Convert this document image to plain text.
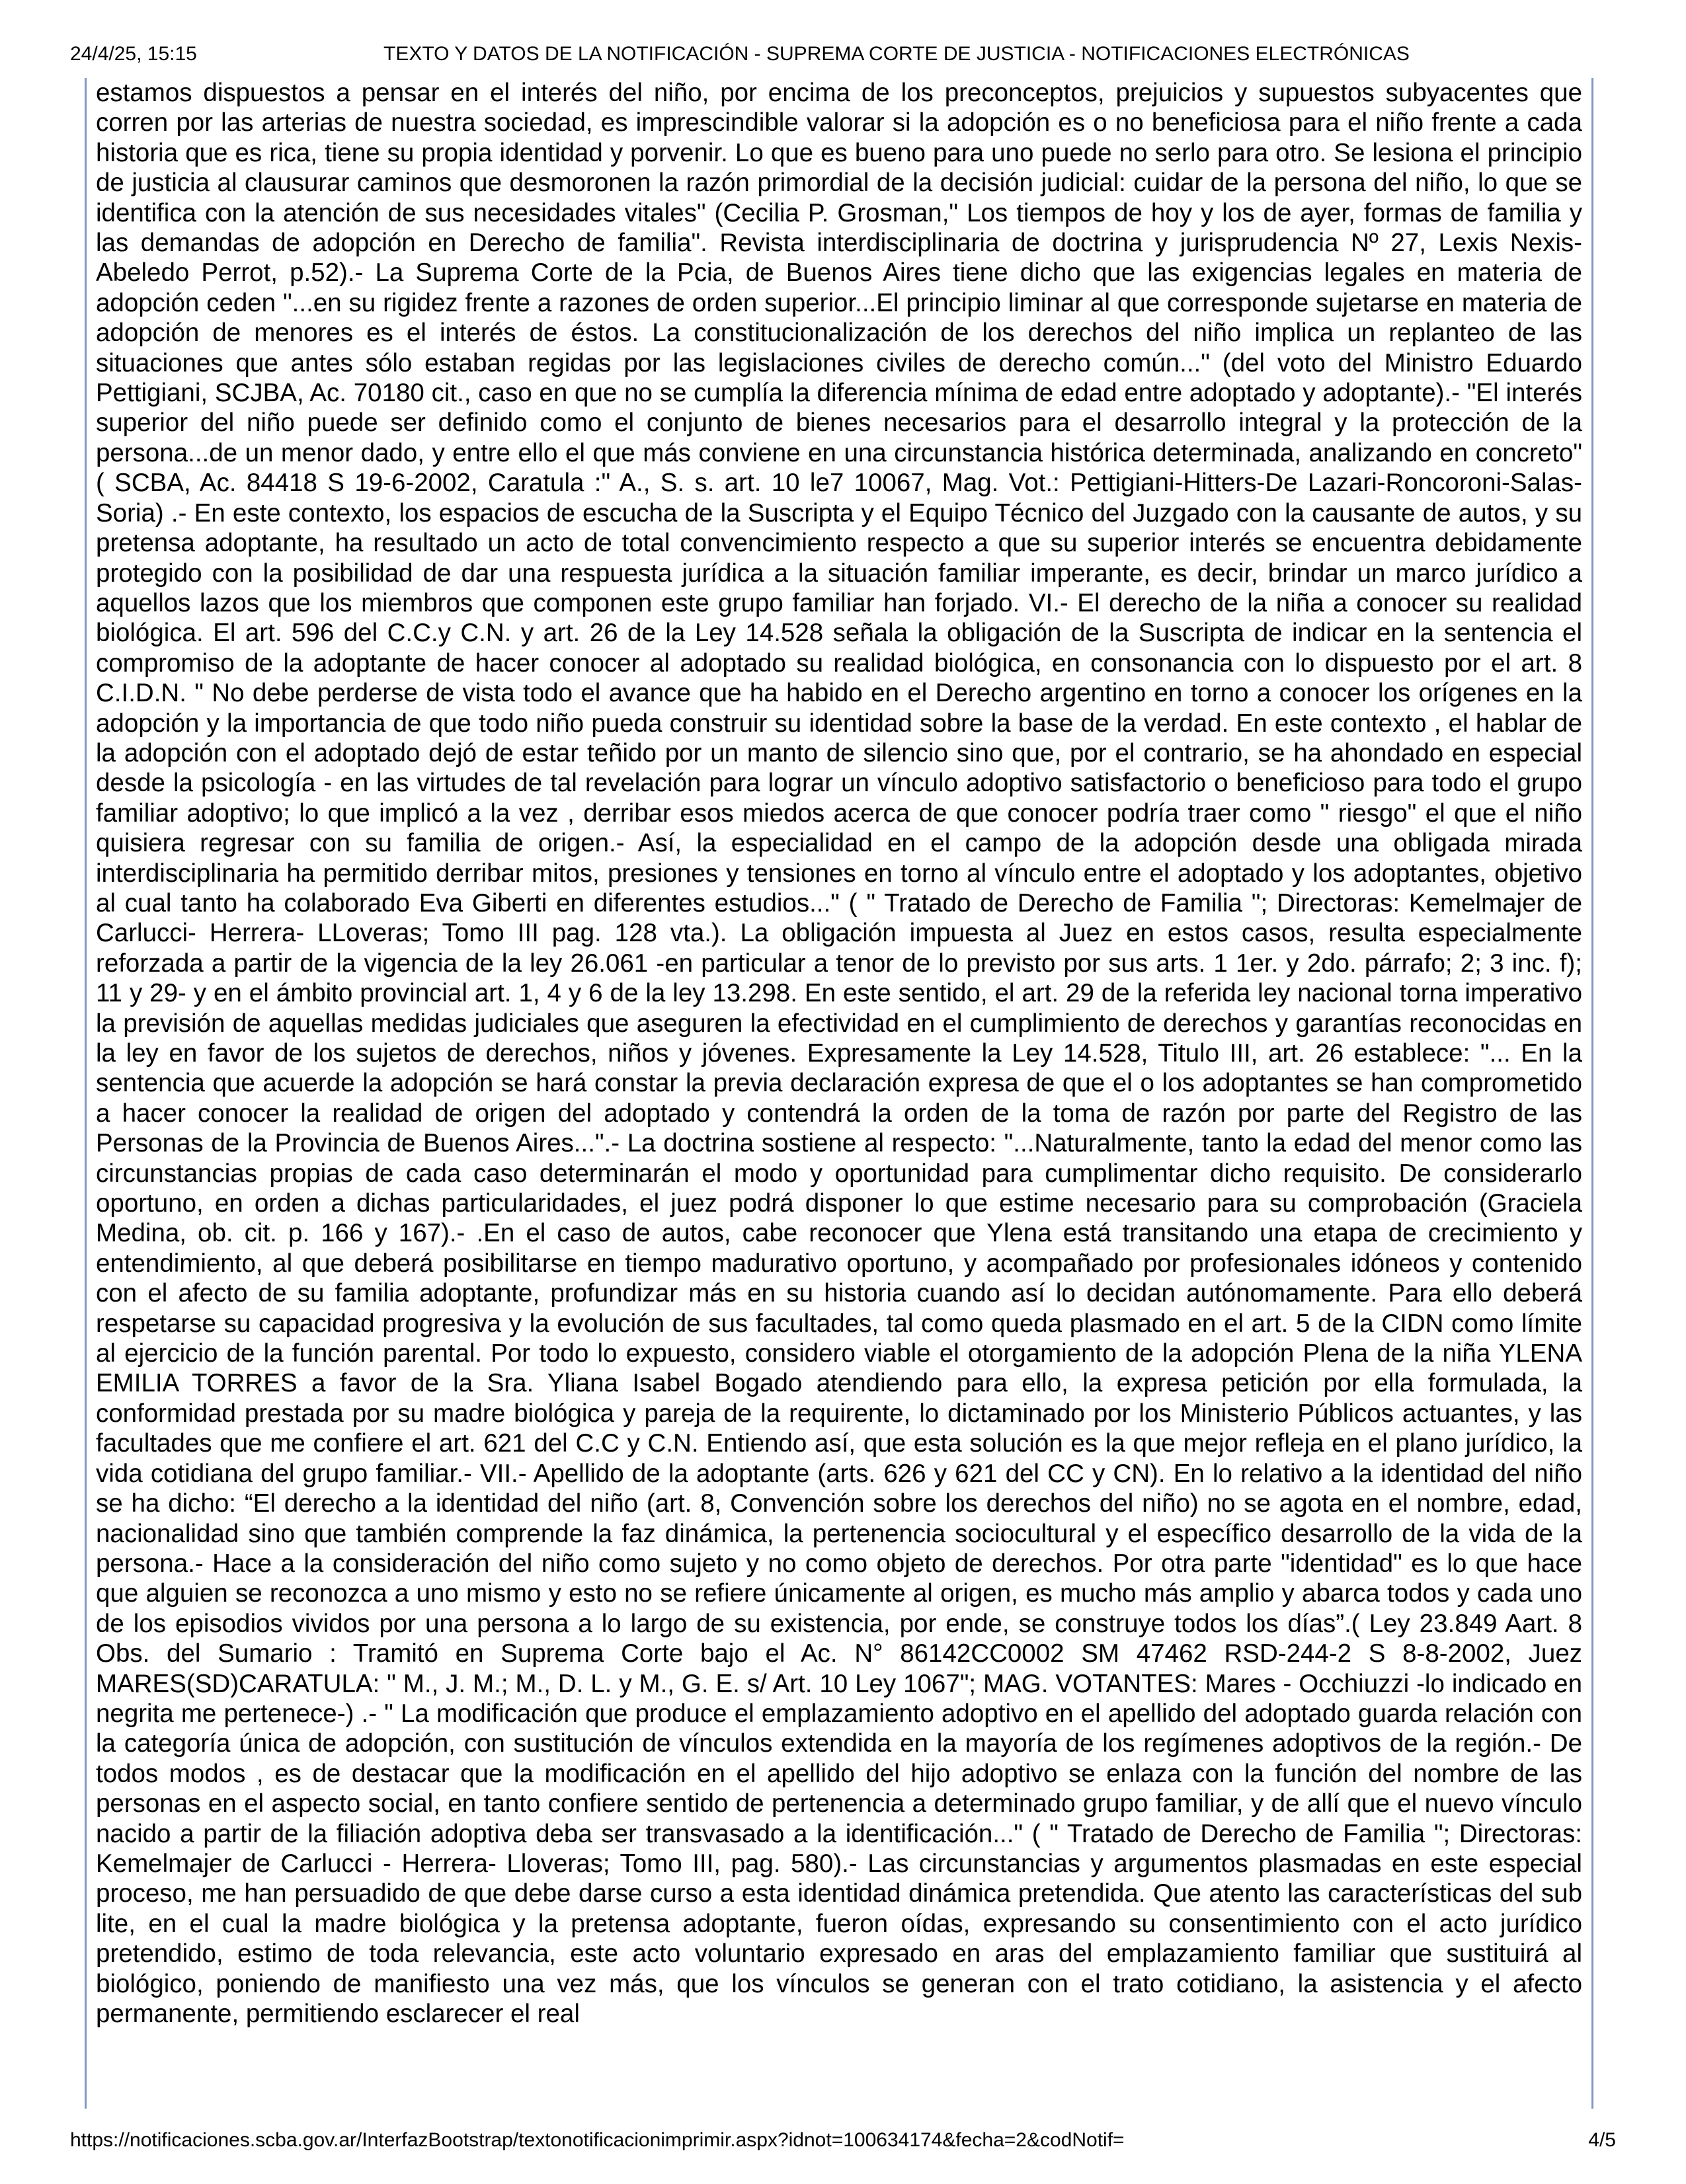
24/4/25, 15:15	TEXTO Y DATOS DE LA NOTIFICACIÓN - SUPREMA CORTE DE JUSTICIA - NOTIFICACIONES ELECTRÓNICAS

estamos dispuestos a pensar en el interés del niño, por encima de los preconceptos, prejuicios y supuestos subyacentes que corren por las arterias de nuestra sociedad, es imprescindible valorar si la adopción es o no beneficiosa para el niño frente a cada historia que es rica, tiene su propia identidad y porvenir. Lo que es bueno para uno puede no serlo para otro. Se lesiona el principio de justicia al clausurar caminos que desmoronen la razón primordial de la decisión judicial: cuidar de la persona del niño, lo que se identifica con la atención de sus necesidades vitales" (Cecilia P. Grosman," Los tiempos de hoy y los de ayer, formas de familia y las demandas de adopción en Derecho de familia". Revista interdisciplinaria de doctrina y jurisprudencia Nº 27, Lexis Nexis-Abeledo Perrot, p.52).- La Suprema Corte de la Pcia, de Buenos Aires tiene dicho que las exigencias legales en materia de adopción ceden "...en su rigidez frente a razones de orden superior...El principio liminar al que corresponde sujetarse en materia de adopción de menores es el interés de éstos. La constitucionalización de los derechos del niño implica un replanteo de las situaciones que antes sólo estaban regidas por las legislaciones civiles de derecho común..." (del voto del Ministro Eduardo Pettigiani, SCJBA, Ac. 70180 cit., caso en que no se cumplía la diferencia mínima de edad entre adoptado y adoptante).- "El interés superior del niño puede ser definido como el conjunto de bienes necesarios para el desarrollo integral y la protección de la persona...de un menor dado, y entre ello el que más conviene en una circunstancia histórica determinada, analizando en concreto" ( SCBA, Ac. 84418 S 19-6-2002, Caratula :" A., S. s. art. 10 le7 10067, Mag. Vot.: Pettigiani-Hitters-De Lazari-Roncoroni-Salas-Soria) .- En este contexto, los espacios de escucha de la Suscripta y el Equipo Técnico del Juzgado con la causante de autos, y su pretensa adoptante, ha resultado un acto de total convencimiento respecto a que su superior interés se encuentra debidamente protegido con la posibilidad de dar una respuesta jurídica a la situación familiar imperante, es decir, brindar un marco jurídico a aquellos lazos que los miembros que componen este grupo familiar han forjado. VI.- El derecho de la niña a conocer su realidad biológica. El art. 596 del C.C.y C.N. y art. 26 de la Ley 14.528 señala la obligación de la Suscripta de indicar en la sentencia el compromiso de la adoptante de hacer conocer al adoptado su realidad biológica, en consonancia con lo dispuesto por el art. 8 C.I.D.N. " No debe perderse de vista todo el avance que ha habido en el Derecho argentino en torno a conocer los orígenes en la adopción y la importancia de que todo niño pueda construir su identidad sobre la base de la verdad. En este contexto , el hablar de la adopción con el adoptado dejó de estar teñido por un manto de silencio sino que, por el contrario, se ha ahondado en especial desde la psicología - en las virtudes de tal revelación para lograr un vínculo adoptivo satisfactorio o beneficioso para todo el grupo familiar adoptivo; lo que implicó a la vez , derribar esos miedos acerca de que conocer podría traer como " riesgo" el que el niño quisiera regresar con su familia de origen.- Así, la especialidad en el campo de la adopción desde una obligada mirada interdisciplinaria ha permitido derribar mitos, presiones y tensiones en torno al vínculo entre el adoptado y los adoptantes, objetivo al cual tanto ha colaborado Eva Giberti en diferentes estudios..." ( " Tratado de Derecho de Familia "; Directoras: Kemelmajer de Carlucci- Herrera- LLoveras; Tomo III pag. 128 vta.). La obligación impuesta al Juez en estos casos, resulta especialmente reforzada a partir de la vigencia de la ley 26.061 -en particular a tenor de lo previsto por sus arts. 1 1er. y 2do. párrafo; 2; 3 inc. f); 11 y 29- y en el ámbito provincial art. 1, 4 y 6 de la ley 13.298. En este sentido, el art. 29 de la referida ley nacional torna imperativo la previsión de aquellas medidas judiciales que aseguren la efectividad en el cumplimiento de derechos y garantías reconocidas en la ley en favor de los sujetos de derechos, niños y jóvenes. Expresamente la Ley 14.528, Titulo III, art. 26 establece: "... En la sentencia que acuerde la adopción se hará constar la previa declaración expresa de que el o los adoptantes se han comprometido a hacer conocer la realidad de origen del adoptado y contendrá la orden de la toma de razón por parte del Registro de las Personas de la Provincia de Buenos Aires...".- La doctrina sostiene al respecto: "...Naturalmente, tanto la edad del menor como las circunstancias propias de cada caso determinarán el modo y oportunidad para cumplimentar dicho requisito. De considerarlo oportuno, en orden a dichas particularidades, el juez podrá disponer lo que estime necesario para su comprobación (Graciela Medina, ob. cit. p. 166 y 167).- .En el caso de autos, cabe reconocer que Ylena está transitando una etapa de crecimiento y entendimiento, al que deberá posibilitarse en tiempo madurativo oportuno, y acompañado por profesionales idóneos y contenido con el afecto de su familia adoptante, profundizar más en su historia cuando así lo decidan autónomamente. Para ello deberá respetarse su capacidad progresiva y la evolución de sus facultades, tal como queda plasmado en el art. 5 de la CIDN como límite al ejercicio de la función parental. Por todo lo expuesto, considero viable el otorgamiento de la adopción Plena de la niña YLENA EMILIA TORRES a favor de la Sra. Yliana Isabel Bogado atendiendo para ello, la expresa petición por ella formulada, la conformidad prestada por su madre biológica y pareja de la requirente, lo dictaminado por los Ministerio Públicos actuantes, y las facultades que me confiere el art. 621 del C.C y C.N. Entiendo así, que esta solución es la que mejor refleja en el plano jurídico, la vida cotidiana del grupo familiar.- VII.- Apellido de la adoptante (arts. 626 y 621 del CC y CN). En lo relativo a la identidad del niño se ha dicho: “El derecho a la identidad del niño (art. 8, Convención sobre los derechos del niño) no se agota en el nombre, edad, nacionalidad sino que también comprende la faz dinámica, la pertenencia sociocultural y el específico desarrollo de la vida de la persona.- Hace a la consideración del niño como sujeto y no como objeto de derechos. Por otra parte "identidad" es lo que hace que alguien se reconozca a uno mismo y esto no se refiere únicamente al origen, es mucho más amplio y abarca todos y cada uno de los episodios vividos por una persona a lo largo de su existencia, por ende, se construye todos los días”.( Ley 23.849 Aart. 8 Obs. del Sumario : Tramitó en Suprema Corte bajo el Ac. N° 86142CC0002 SM 47462 RSD-244-2 S 8-8-2002, Juez MARES(SD)CARATULA: " M., J. M.; M., D. L. y M., G. E. s/ Art. 10 Ley 1067"; MAG. VOTANTES: Mares - Occhiuzzi -lo indicado en negrita me pertenece-) .- " La modificación que produce el emplazamiento adoptivo en el apellido del adoptado guarda relación con la categoría única de adopción, con sustitución de vínculos extendida en la mayoría de los regímenes adoptivos de la región.- De todos modos , es de destacar que la modificación en el apellido del hijo adoptivo se enlaza con la función del nombre de las personas en el aspecto social, en tanto confiere sentido de pertenencia a determinado grupo familiar, y de allí que el nuevo vínculo nacido a partir de la filiación adoptiva deba ser transvasado a la identificación..." ( " Tratado de Derecho de Familia "; Directoras: Kemelmajer de Carlucci - Herrera- Lloveras; Tomo III, pag. 580).- Las circunstancias y argumentos plasmadas en este especial proceso, me han persuadido de que debe darse curso a esta identidad dinámica pretendida. Que atento las características del sub lite, en el cual la madre biológica y la pretensa adoptante, fueron oídas, expresando su consentimiento con el acto jurídico pretendido, estimo de toda relevancia, este acto voluntario expresado en aras del emplazamiento familiar que sustituirá al biológico, poniendo de manifiesto una vez más, que los vínculos se generan con el trato cotidiano, la asistencia y el afecto permanente, permitiendo esclarecer el real

https://notificaciones.scba.gov.ar/InterfazBootstrap/textonotificacionimprimir.aspx?idnot=100634174&fecha=2&codNotif=	4/5
